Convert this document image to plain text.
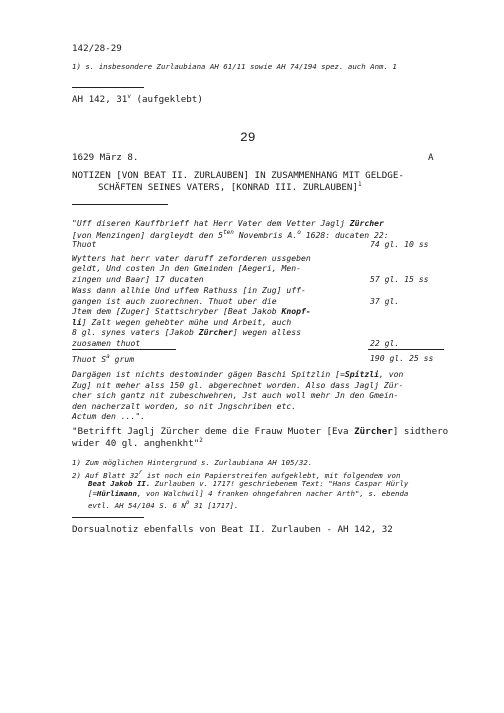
142/28-29
1) s. insbesondere Zurlaubiana AH 61/11 sowie AH 74/194 spez. auch Anm. 1
AH 142, 31$^v$ (aufgeklebt)
29
1629 März 8.	A
NOTIZEN [VON BEAT II. ZURLAUBEN] IN ZUSAMMENHANG MIT GELDGE-
SCHÄFTEN SEINES VATERS, [KONRAD III. ZURLAUBEN]$^1$
"Uff diseren Kauffbrieff hat Herr Vater dem Vetter Jaglj Zürcher
[von Menzingen] dargleydt den $5^{ten}$ Novembris A.$^o$ 1628: ducaten 22:
Thuot	74 gl. 10 ss
Wytters hat herr vater daruff zeforderen ussgeben
geldt, Und costen Jn den Gmeinden [Aegeri, Men-
zingen und Baar] 17 ducaten	57 gl. 15 ss
Wass dann allhie Und uffem Rathuss [in Zug] uff-
gangen ist auch zuorechnen. Thuot uber die	37 gl.
Jtem dem [Zuger] Stattschryber [Beat Jakob Knopf-
li] Zalt wegen gehebter mühe und Arbeit, auch
8 gl. synes vaters [Jakob Zürcher] wegen alless
zuosamen thuot	22 gl.
Thuot $S^a$ grum	190 gl. 25 ss
Dargägen ist nichts destominder gägen Baschi Spitzlin [=Spitzli, von
Zug] nit meher alss 150 gl. abgerechnet worden. Also dass Jaglj Zür-
cher sich gantz nit zubeschwehren, Jst auch woll mehr Jn den Gmein-
den nacherzalt worden, so nit Jngschriben etc.
Actum den ...".
"Betrifft Jaglj Zürcher deme die Frauw Muoter [Eva Zürcher] sidthero
wider 40 gl. anghenkht"$^2$
1) Zum möglichen Hintergrund s. Zurlaubiana AH 105/32.
2) Auf Blatt 32$^r$ ist noch ein Papierstreifen aufgeklebt, mit folgendem von
Beat Jakob II. Zurlauben v. 1717! geschriebenem Text: "Hans Caspar Hürly
[=Hürlimann, von Walchwil] 4 franken ohngefahren nacher Arth", s. ebenda
evtl. AH 54/104 S. 6 $N^o$ 31 [1717].
Dorsualnotiz ebenfalls von Beat II. Zurlauben - AH 142, 32
